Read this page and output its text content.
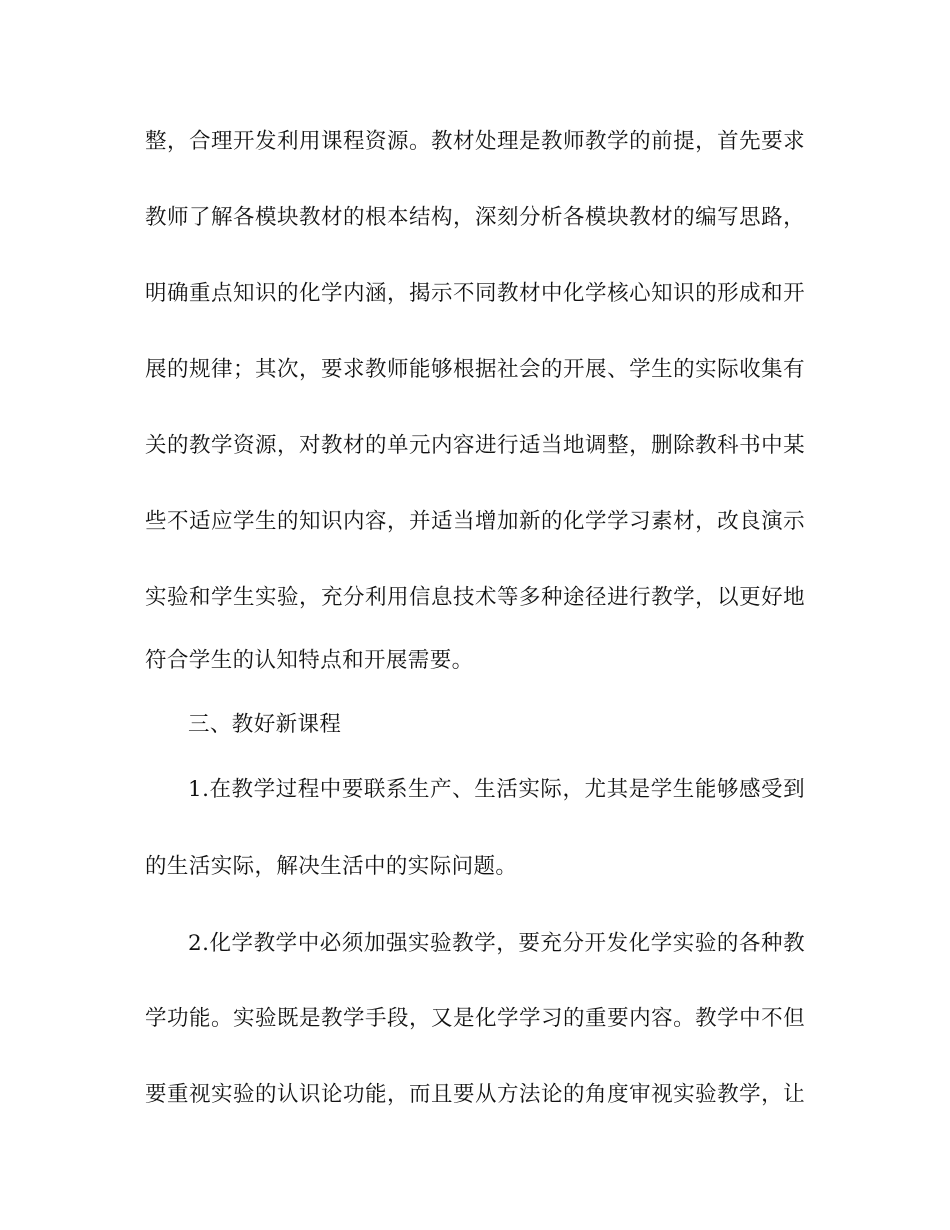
整，合理开发利用课程资源。教材处理是教师教学的前提，首先要求
教师了解各模块教材的根本结构，深刻分析各模块教材的编写思路，
明确重点知识的化学内涵，揭示不同教材中化学核心知识的形成和开
展的规律；其次，要求教师能够根据社会的开展、学生的实际收集有
关的教学资源，对教材的单元内容进行适当地调整，删除教科书中某
些不适应学生的知识内容，并适当增加新的化学学习素材，改良演示
实验和学生实验，充分利用信息技术等多种途径进行教学，以更好地
符合学生的认知特点和开展需要。
三、教好新课程
1.在教学过程中要联系生产、生活实际，尤其是学生能够感受到
的生活实际，解决生活中的实际问题。
2.化学教学中必须加强实验教学，要充分开发化学实验的各种教
学功能。实验既是教学手段，又是化学学习的重要内容。教学中不但
要重视实验的认识论功能，而且要从方法论的角度审视实验教学，让
